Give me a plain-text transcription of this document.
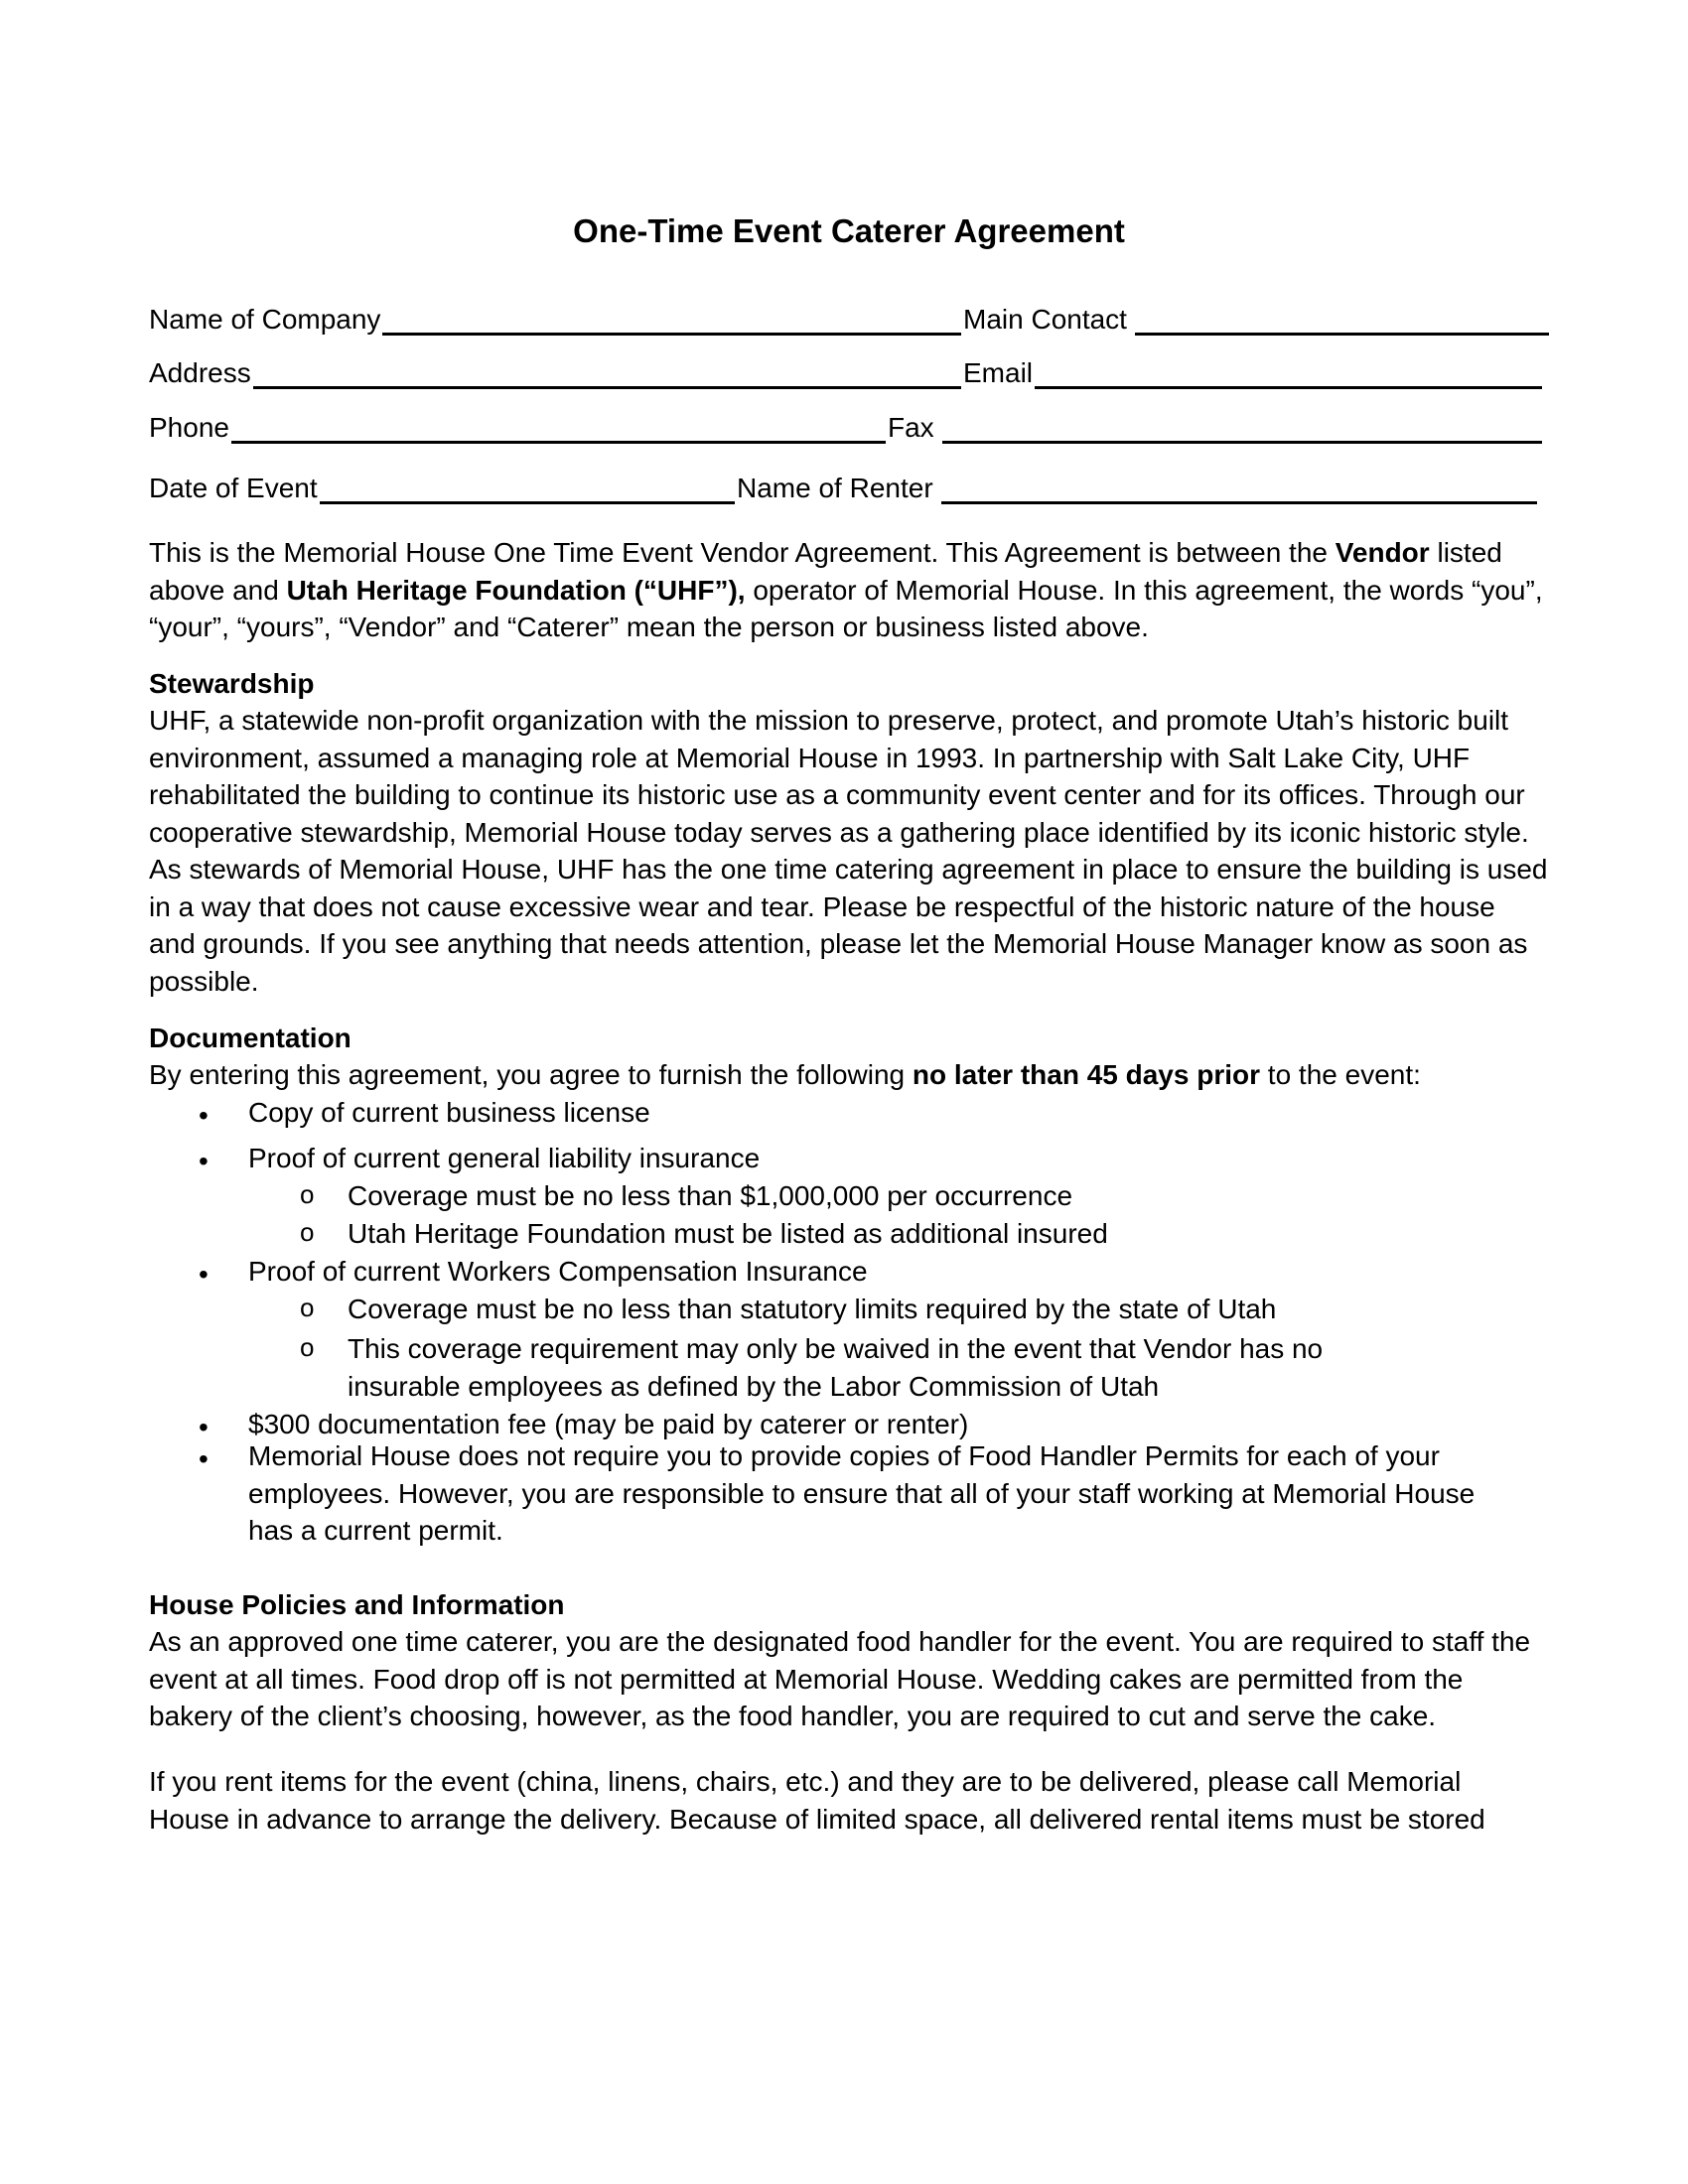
One-Time Event Caterer Agreement
Name of Company	Main Contact
Address	Email
Phone	Fax
Date of Event	Name of Renter
This is the Memorial House One Time Event Vendor Agreement. This Agreement is between the Vendor listed above and Utah Heritage Foundation (“UHF”), operator of Memorial House. In this agreement, the words “you”, “your”, “yours”, “Vendor” and “Caterer” mean the person or business listed above.
Stewardship
UHF, a statewide non-profit organization with the mission to preserve, protect, and promote Utah’s historic built environment, assumed a managing role at Memorial House in 1993. In partnership with Salt Lake City, UHF rehabilitated the building to continue its historic use as a community event center and for its offices. Through our cooperative stewardship, Memorial House today serves as a gathering place identified by its iconic historic style. As stewards of Memorial House, UHF has the one time catering agreement in place to ensure the building is used in a way that does not cause excessive wear and tear. Please be respectful of the historic nature of the house and grounds. If you see anything that needs attention, please let the Memorial House Manager know as soon as possible.
Documentation
By entering this agreement, you agree to furnish the following no later than 45 days prior to the event:
• Copy of current business license
• Proof of current general liability insurance
o Coverage must be no less than $1,000,000 per occurrence
o Utah Heritage Foundation must be listed as additional insured
• Proof of current Workers Compensation Insurance
o Coverage must be no less than statutory limits required by the state of Utah
o This coverage requirement may only be waived in the event that Vendor has no insurable employees as defined by the Labor Commission of Utah
• $300 documentation fee (may be paid by caterer or renter)
• Memorial House does not require you to provide copies of Food Handler Permits for each of your employees. However, you are responsible to ensure that all of your staff working at Memorial House has a current permit.
House Policies and Information
As an approved one time caterer, you are the designated food handler for the event. You are required to staff the event at all times. Food drop off is not permitted at Memorial House. Wedding cakes are permitted from the bakery of the client’s choosing, however, as the food handler, you are required to cut and serve the cake.
If you rent items for the event (china, linens, chairs, etc.) and they are to be delivered, please call Memorial House in advance to arrange the delivery. Because of limited space, all delivered rental items must be stored
